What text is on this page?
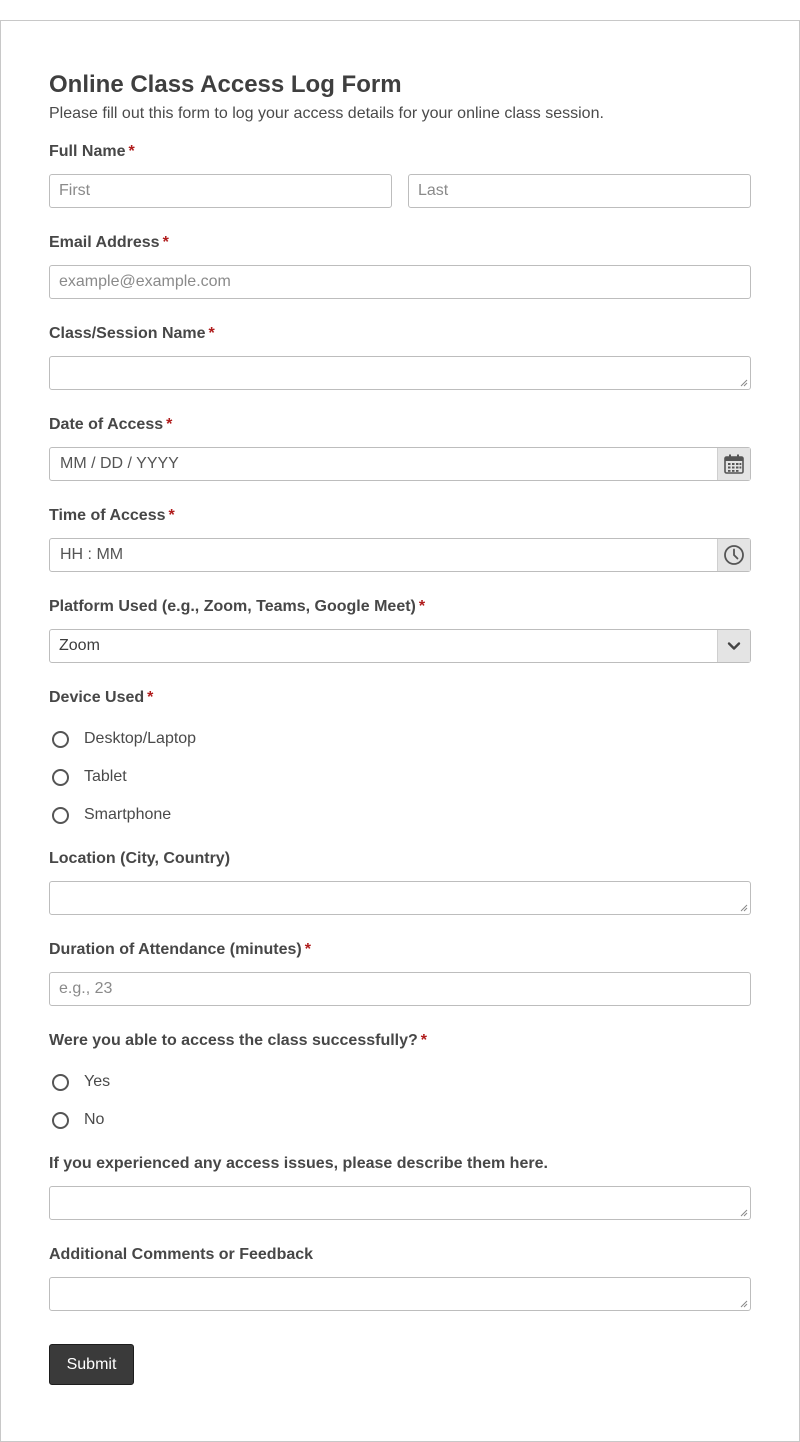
Online Class Access Log Form
Please fill out this form to log your access details for your online class session.
Full Name *
First	Last
Email Address *
example@example.com
Class/Session Name *
Date of Access *
MM / DD / YYYY
Time of Access *
HH : MM
Platform Used (e.g., Zoom, Teams, Google Meet) *
Zoom
Device Used *
Desktop/Laptop
Tablet
Smartphone
Location (City, Country)
Duration of Attendance (minutes) *
e.g., 23
Were you able to access the class successfully? *
Yes
No
If you experienced any access issues, please describe them here.
Additional Comments or Feedback
Submit
